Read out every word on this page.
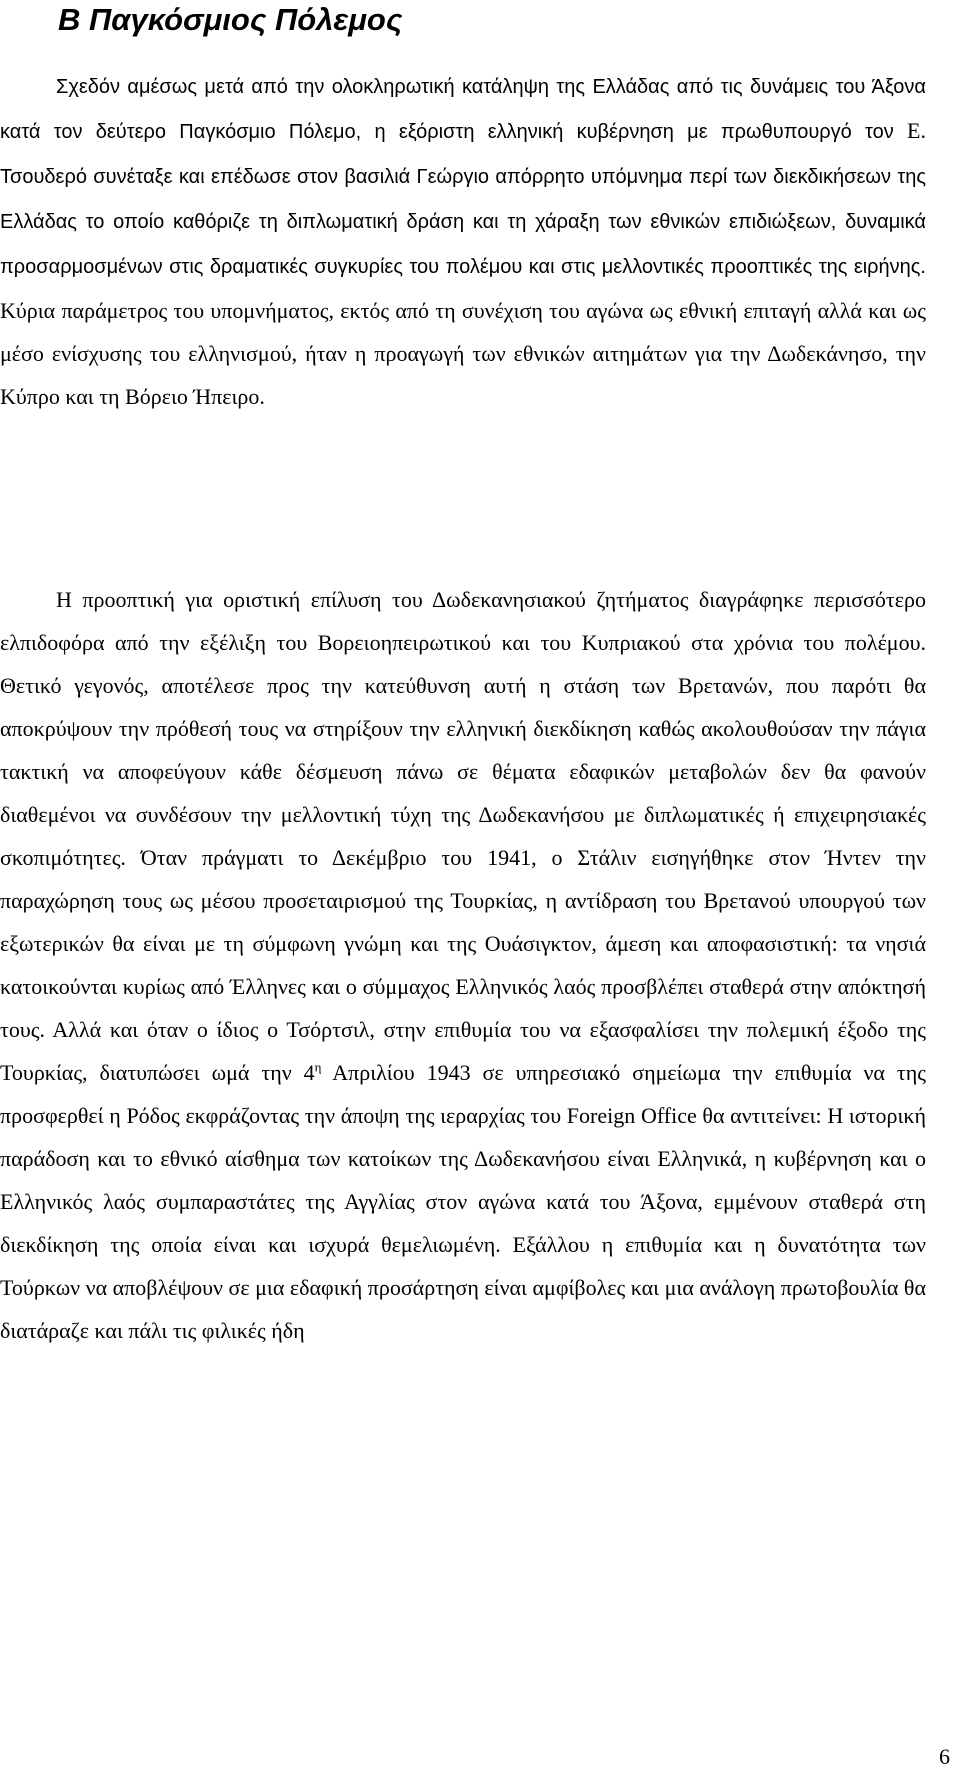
Β Παγκόσμιος Πόλεμος

Σχεδόν αμέσως μετά από την ολοκληρωτική κατάληψη της Ελλάδας από τις δυνάμεις του Άξονα κατά τον δεύτερο Παγκόσμιο Πόλεμο, η εξόριστη ελληνική κυβέρνηση με πρωθυπουργό τον Ε. Τσουδερό συνέταξε και επέδωσε στον βασιλιά Γεώργιο απόρρητο υπόμνημα περί των διεκδικήσεων της Ελλάδας το οποίο καθόριζε τη διπλωματική δράση και τη χάραξη των εθνικών επιδιώξεων, δυναμικά προσαρμοσμένων στις δραματικές συγκυρίες του πολέμου και στις μελλοντικές προοπτικές της ειρήνης. Κύρια παράμετρος του υπομνήματος, εκτός από τη συνέχιση του αγώνα ως εθνική επιταγή αλλά και ως μέσο ενίσχυσης του ελληνισμού, ήταν η προαγωγή των εθνικών αιτημάτων για την Δωδεκάνησο, την Κύπρο και τη Βόρειο Ήπειρο.

Η προοπτική για οριστική επίλυση του Δωδεκανησιακού ζητήματος διαγράφηκε περισσότερο ελπιδοφόρα από την εξέλιξη του Βορειοηπειρωτικού και του Κυπριακού στα χρόνια του πολέμου. Θετικό γεγονός, αποτέλεσε προς την κατεύθυνση αυτή η στάση των Βρετανών, που παρότι θα αποκρύψουν την πρόθεσή τους να στηρίξουν την ελληνική διεκδίκηση καθώς ακολουθούσαν την πάγια τακτική να αποφεύγουν κάθε δέσμευση πάνω σε θέματα εδαφικών μεταβολών δεν θα φανούν διαθεμένοι να συνδέσουν την μελλοντική τύχη της Δωδεκανήσου με διπλωματικές ή επιχειρησιακές σκοπιμότητες. Όταν πράγματι το Δεκέμβριο του 1941, ο Στάλιν εισηγήθηκε στον Ήντεν την παραχώρηση τους ως μέσου προσεταιρισμού της Τουρκίας, η αντίδραση του Βρετανού υπουργού των εξωτερικών θα είναι με τη σύμφωνη γνώμη και της Ουάσιγκτον, άμεση και αποφασιστική: τα νησιά κατοικούνται κυρίως από Έλληνες και ο σύμμαχος Ελληνικός λαός προσβλέπει σταθερά στην απόκτησή τους. Αλλά και όταν ο ίδιος ο Τσόρτσιλ, στην επιθυμία του να εξασφαλίσει την πολεμική έξοδο της Τουρκίας, διατυπώσει ωμά την $4^\eta$ Απριλίου 1943 σε υπηρεσιακό σημείωμα την επιθυμία να της προσφερθεί η Ρόδος εκφράζοντας την άποψη της ιεραρχίας του Foreign Office θα αντιτείνει: Η ιστορική παράδοση και το εθνικό αίσθημα των κατοίκων της Δωδεκανήσου είναι Ελληνικά, η κυβέρνηση και ο Ελληνικός λαός συμπαραστάτες της Αγγλίας στον αγώνα κατά του Άξονα, εμμένουν σταθερά στη διεκδίκηση της οποία είναι και ισχυρά θεμελιωμένη. Εξάλλου η επιθυμία και η δυνατότητα των Τούρκων να αποβλέψουν σε μια εδαφική προσάρτηση είναι αμφίβολες και μια ανάλογη πρωτοβουλία θα διατάραζε και πάλι τις φιλικές ήδη

6
